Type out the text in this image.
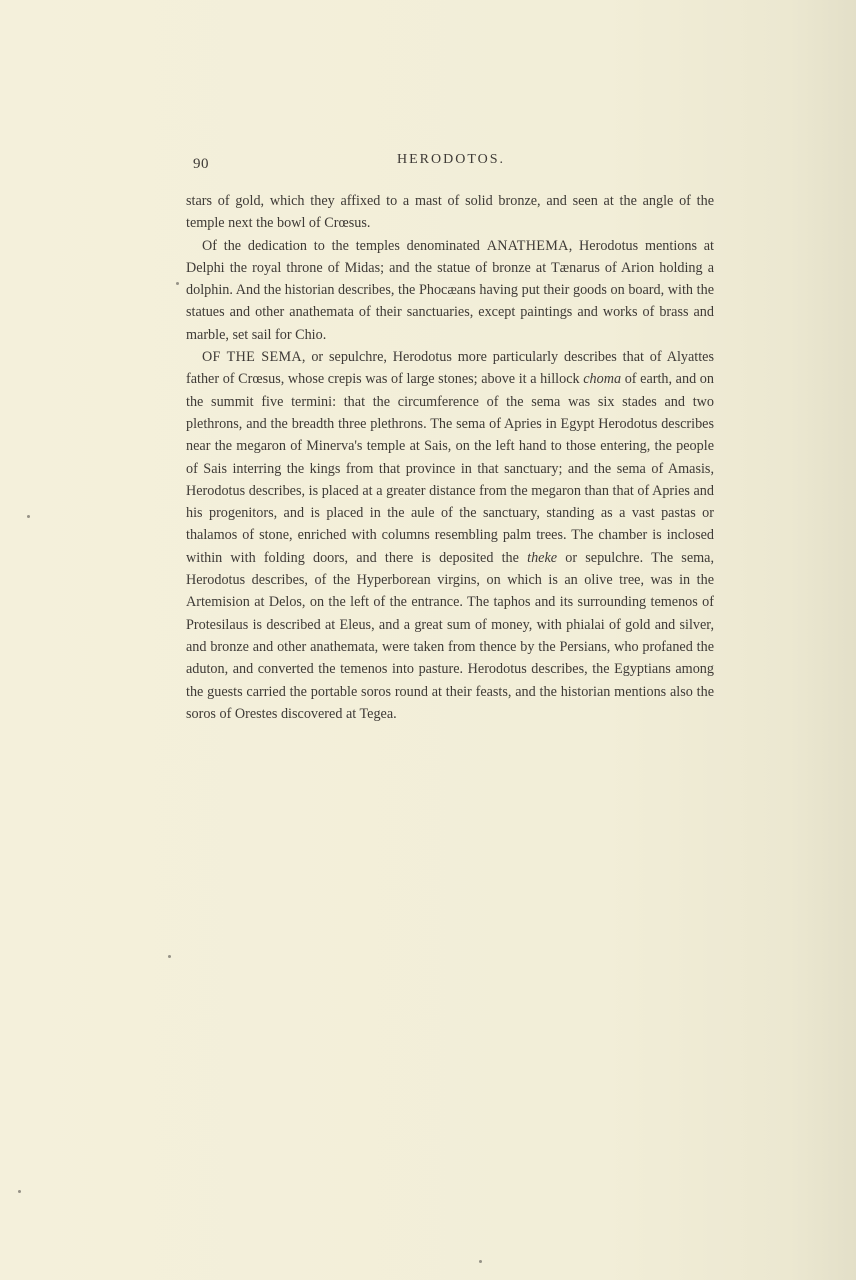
90	HERODOTOS.

stars of gold, which they affixed to a mast of solid bronze, and seen at the angle of the temple next the bowl of Crœsus.

Of the dedication to the temples denominated ANATHEMA, Herodotus mentions at Delphi the royal throne of Midas; and the statue of bronze at Tænarus of Arion holding a dolphin. And the historian describes, the Phocæans having put their goods on board, with the statues and other anathemata of their sanctuaries, except paintings and works of brass and marble, set sail for Chio.

OF THE SEMA, or sepulchre, Herodotus more particularly describes that of Alyattes father of Crœsus, whose crepis was of large stones; above it a hillock choma of earth, and on the summit five termini: that the circumference of the sema was six stades and two plethrons, and the breadth three plethrons. The sema of Apries in Egypt Herodotus describes near the megaron of Minerva's temple at Sais, on the left hand to those entering, the people of Sais interring the kings from that province in that sanctuary; and the sema of Amasis, Herodotus describes, is placed at a greater distance from the megaron than that of Apries and his progenitors, and is placed in the aule of the sanctuary, standing as a vast pastas or thalamos of stone, enriched with columns resembling palm trees. The chamber is inclosed within with folding doors, and there is deposited the theke or sepulchre. The sema, Herodotus describes, of the Hyperborean virgins, on which is an olive tree, was in the Artemision at Delos, on the left of the entrance. The taphos and its surrounding temenos of Protesilaus is described at Eleus, and a great sum of money, with phialai of gold and silver, and bronze and other anathemata, were taken from thence by the Persians, who profaned the aduton, and converted the temenos into pasture. Herodotus describes, the Egyptians among the guests carried the portable soros round at their feasts, and the historian mentions also the soros of Orestes discovered at Tegea.
